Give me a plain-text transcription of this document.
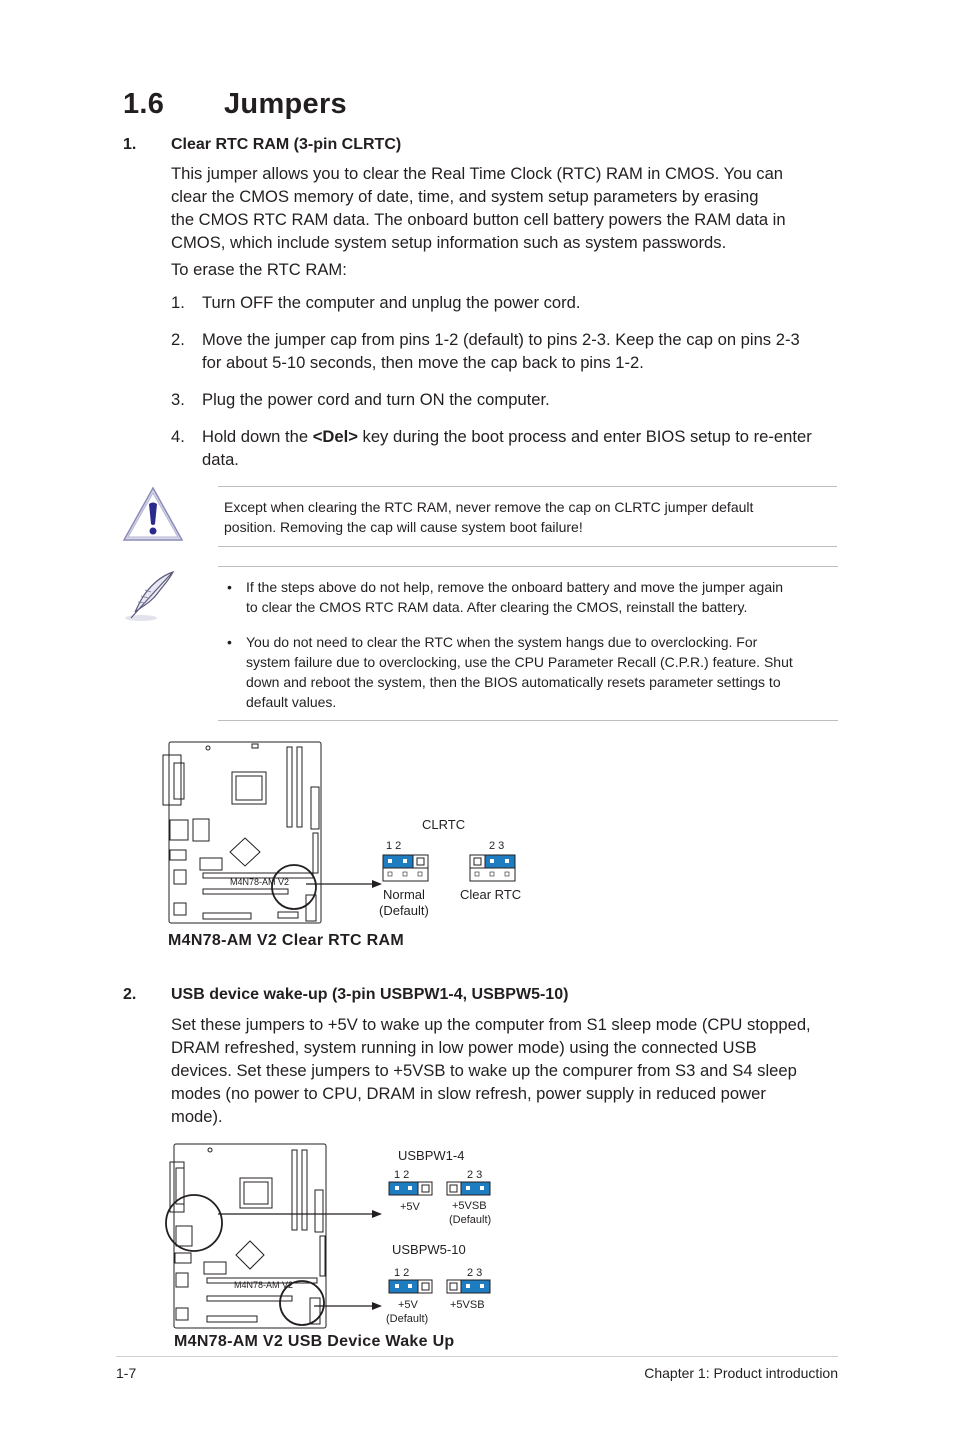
1.6 Jumpers
1. Clear RTC RAM (3-pin CLRTC)
This jumper allows you to clear the Real Time Clock (RTC) RAM in CMOS. You can
clear the CMOS memory of date, time, and system setup parameters by erasing
the CMOS RTC RAM data. The onboard button cell battery powers the RAM data in
CMOS, which include system setup information such as system passwords.
To erase the RTC RAM:
1. Turn OFF the computer and unplug the power cord.
2. Move the jumper cap from pins 1-2 (default) to pins 2-3. Keep the cap on pins 2-3
for about 5-10 seconds, then move the cap back to pins 1-2.
3. Plug the power cord and turn ON the computer.
4. Hold down the <Del> key during the boot process and enter BIOS setup to re-enter
data.
Except when clearing the RTC RAM, never remove the cap on CLRTC jumper default
position. Removing the cap will cause system boot failure!
• If the steps above do not help, remove the onboard battery and move the jumper again
to clear the CMOS RTC RAM data. After clearing the CMOS, reinstall the battery.
• You do not need to clear the RTC when the system hangs due to overclocking. For
system failure due to overclocking, use the CPU Parameter Recall (C.P.R.) feature. Shut
down and reboot the system, then the BIOS automatically resets parameter settings to
default values.
M4N78-AM V2
CLRTC
1 2	2 3
Normal
(Default)
Clear RTC
M4N78-AM V2 Clear RTC RAM
2. USB device wake-up (3-pin USBPW1-4, USBPW5-10)
Set these jumpers to +5V to wake up the computer from S1 sleep mode (CPU stopped,
DRAM refreshed, system running in low power mode) using the connected USB
devices. Set these jumpers to +5VSB to wake up the compurer from S3 and S4 sleep
modes (no power to CPU, DRAM in slow refresh, power supply in reduced power
mode).
M4N78-AM V2
USBPW1-4
1 2	2 3
+5V	+5VSB
(Default)
USBPW5-10
1 2	2 3
+5V
(Default)
+5VSB
M4N78-AM V2 USB Device Wake Up
1-7	Chapter 1: Product introduction
